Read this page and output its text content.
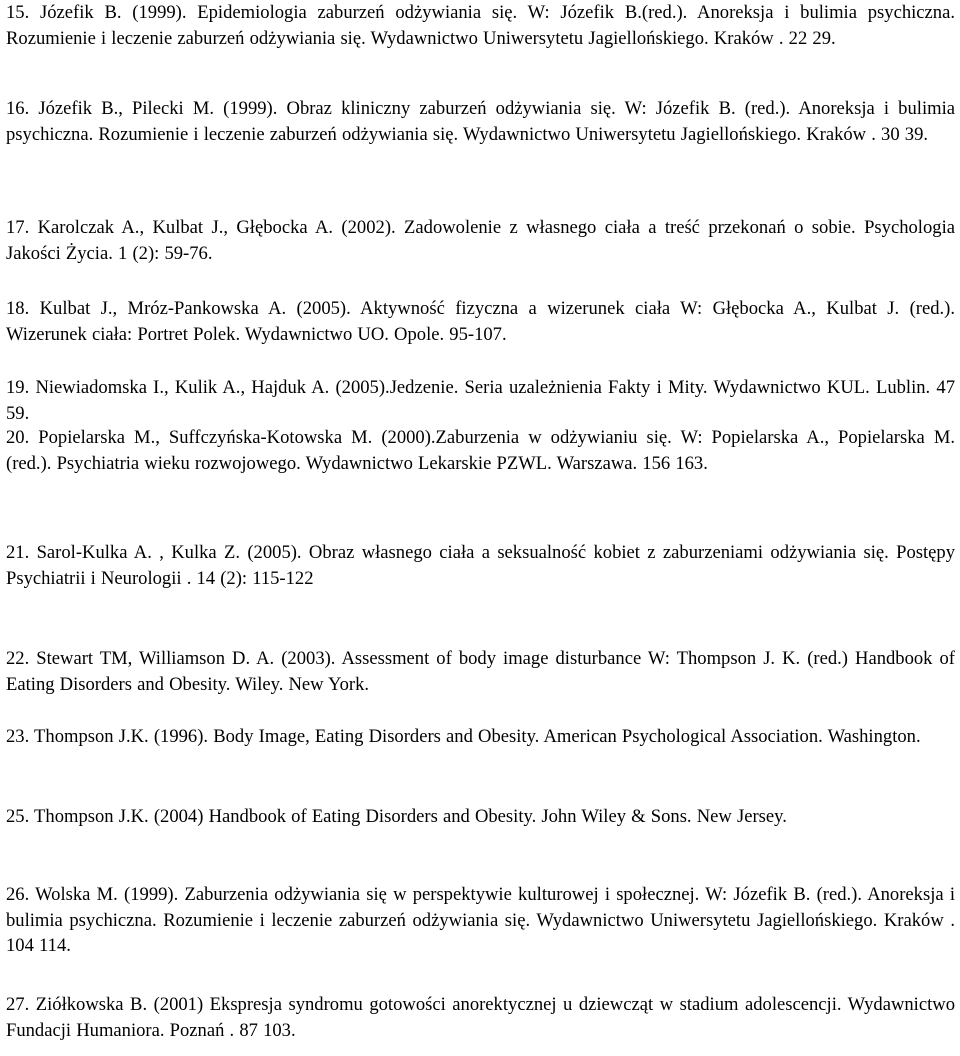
15. Józefik B. (1999). Epidemiologia zaburzeń odżywiania się. W: Józefik B.(red.). Anoreksja i bulimia psychiczna. Rozumienie i leczenie zaburzeń odżywiania się. Wydawnictwo Uniwersytetu Jagiellońskiego. Kraków . 22 29.
16. Józefik B., Pilecki M. (1999). Obraz kliniczny zaburzeń odżywiania się. W: Józefik B. (red.). Anoreksja i bulimia psychiczna. Rozumienie i leczenie zaburzeń odżywiania się. Wydawnictwo Uniwersytetu Jagiellońskiego. Kraków . 30 39.
17. Karolczak A., Kulbat J., Głębocka A. (2002). Zadowolenie z własnego ciała a treść przekonań o sobie. Psychologia Jakości Życia. 1 (2): 59-76.
18. Kulbat J., Mróz-Pankowska A. (2005). Aktywność fizyczna a wizerunek ciała W: Głębocka A., Kulbat J. (red.). Wizerunek ciała: Portret Polek. Wydawnictwo UO. Opole. 95-107.
19. Niewiadomska I., Kulik A., Hajduk A. (2005).Jedzenie. Seria uzależnienia Fakty i Mity. Wydawnictwo KUL. Lublin. 47 59.
20. Popielarska M., Suffczyńska-Kotowska M. (2000).Zaburzenia w odżywianiu się. W: Popielarska A., Popielarska M. (red.). Psychiatria wieku rozwojowego. Wydawnictwo Lekarskie PZWL. Warszawa. 156 163.
21. Sarol-Kulka A. , Kulka Z. (2005). Obraz własnego ciała a seksualność kobiet z zaburzeniami odżywiania się. Postępy Psychiatrii i Neurologii . 14 (2): 115-122
22. Stewart TM, Williamson D. A. (2003). Assessment of body image disturbance W: Thompson J. K. (red.) Handbook of Eating Disorders and Obesity. Wiley. New York.
23. Thompson J.K. (1996). Body Image, Eating Disorders and Obesity. American Psychological Association. Washington.
25. Thompson J.K. (2004) Handbook of Eating Disorders and Obesity. John Wiley & Sons. New Jersey.
26. Wolska M. (1999). Zaburzenia odżywiania się w perspektywie kulturowej i społecznej. W: Józefik B. (red.). Anoreksja i bulimia psychiczna. Rozumienie i leczenie zaburzeń odżywiania się. Wydawnictwo Uniwersytetu Jagiellońskiego. Kraków . 104 114.
27. Ziółkowska B. (2001) Ekspresja syndromu gotowości anorektycznej u dziewcząt w stadium adolescencji. Wydawnictwo Fundacji Humaniora. Poznań . 87 103.
